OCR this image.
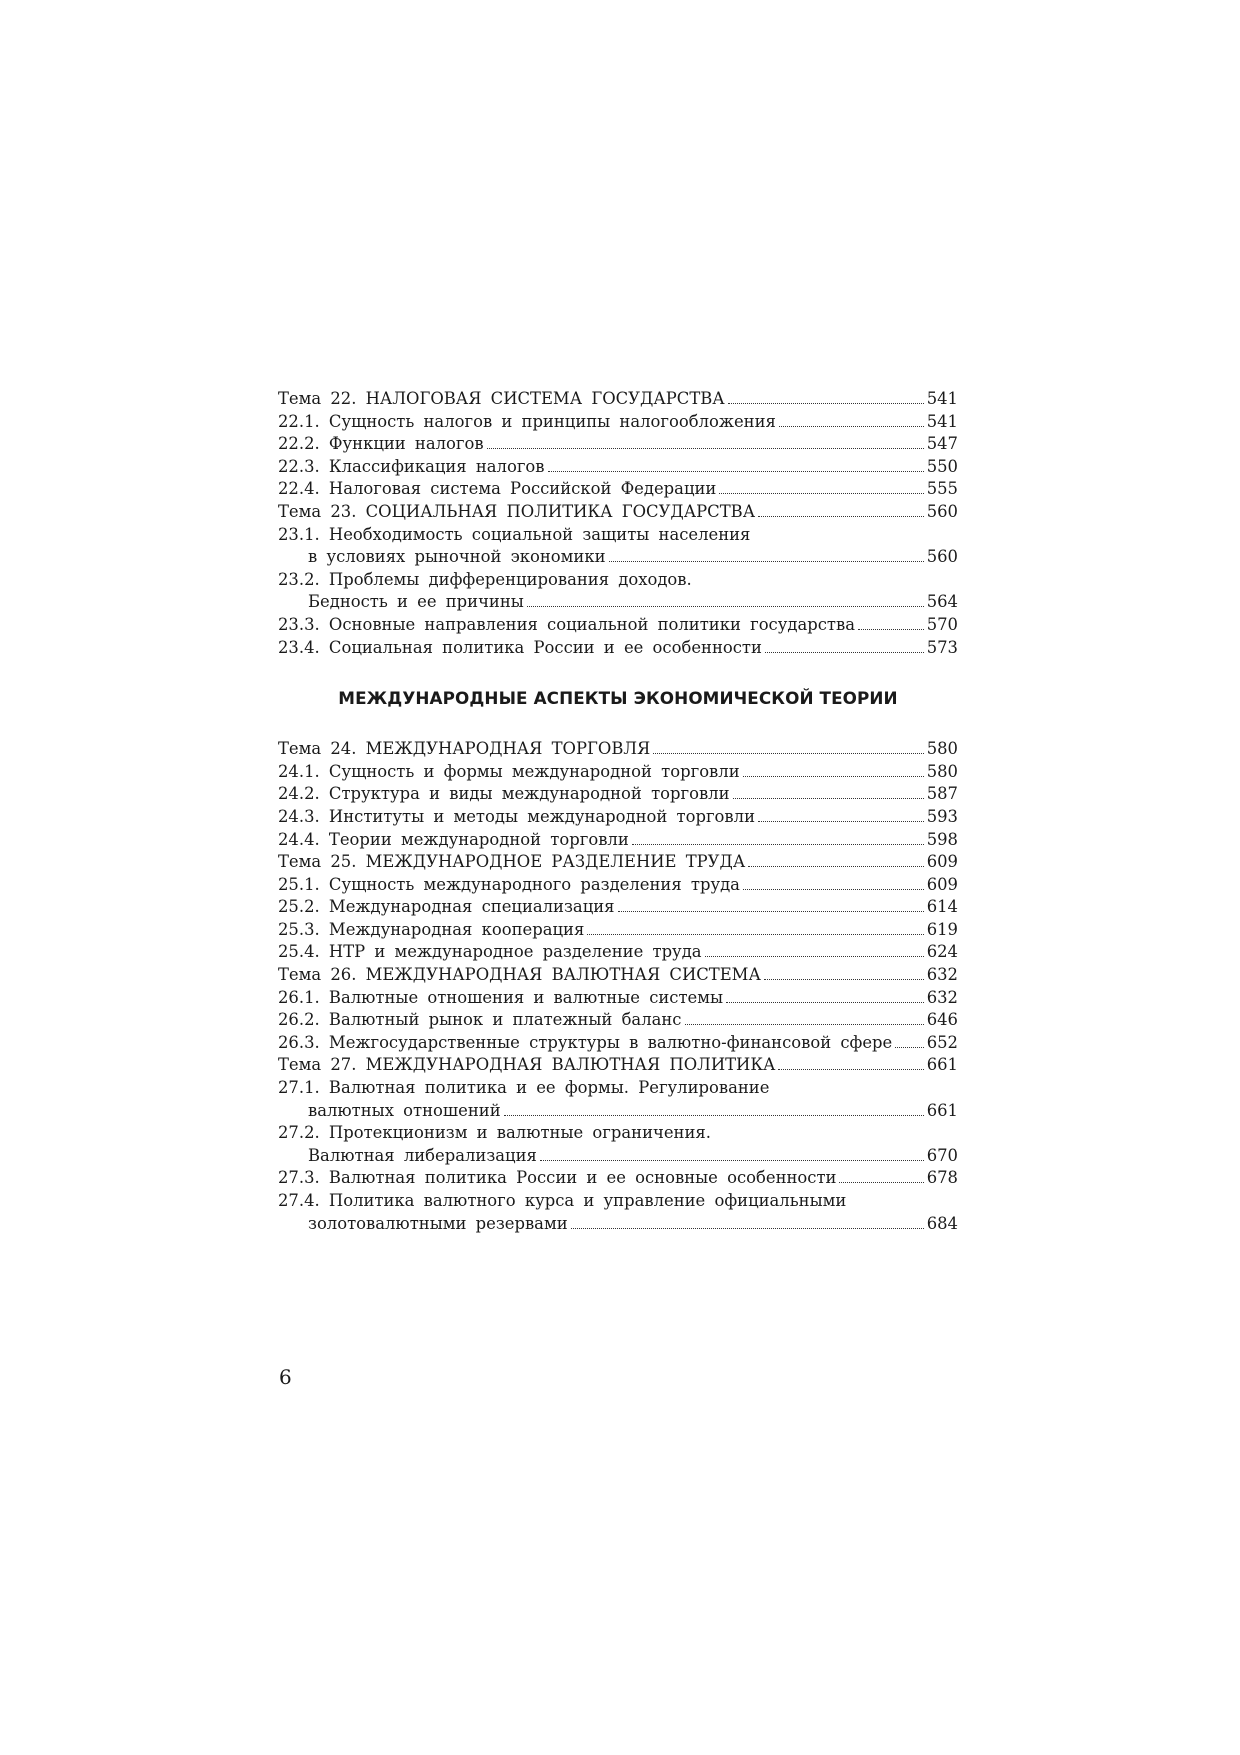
Тема 22. НАЛОГОВАЯ СИСТЕМА ГОСУДАРСТВА	541
22.1. Сущность налогов и принципы налогообложения	541
22.2. Функции налогов	547
22.3. Классификация налогов	550
22.4. Налоговая система Российской Федерации	555
Тема 23. СОЦИАЛЬНАЯ ПОЛИТИКА ГОСУДАРСТВА	560
23.1. Необходимость социальной защиты населения
в условиях рыночной экономики	560
23.2. Проблемы дифференцирования доходов.
Бедность и ее причины	564
23.3. Основные направления социальной политики государства	570
23.4. Социальная политика России и ее особенности	573
МЕЖДУНАРОДНЫЕ АСПЕКТЫ ЭКОНОМИЧЕСКОЙ ТЕОРИИ
Тема 24. МЕЖДУНАРОДНАЯ ТОРГОВЛЯ	580
24.1. Сущность и формы международной торговли	580
24.2. Структура и виды международной торговли	587
24.3. Институты и методы международной торговли	593
24.4. Теории международной торговли	598
Тема 25. МЕЖДУНАРОДНОЕ РАЗДЕЛЕНИЕ ТРУДА	609
25.1. Сущность международного разделения труда	609
25.2. Международная специализация	614
25.3. Международная кооперация	619
25.4. НТР и международное разделение труда	624
Тема 26. МЕЖДУНАРОДНАЯ ВАЛЮТНАЯ СИСТЕМА	632
26.1. Валютные отношения и валютные системы	632
26.2. Валютный рынок и платежный баланс	646
26.3. Межгосударственные структуры в валютно-финансовой сфере 652
Тема 27. МЕЖДУНАРОДНАЯ ВАЛЮТНАЯ ПОЛИТИКА	661
27.1. Валютная политика и ее формы. Регулирование
валютных отношений	661
27.2. Протекционизм и валютные ограничения.
Валютная либерализация	670
27.3. Валютная политика России и ее основные особенности	678
27.4. Политика валютного курса и управление официальными
золотовалютными резервами	684
6
